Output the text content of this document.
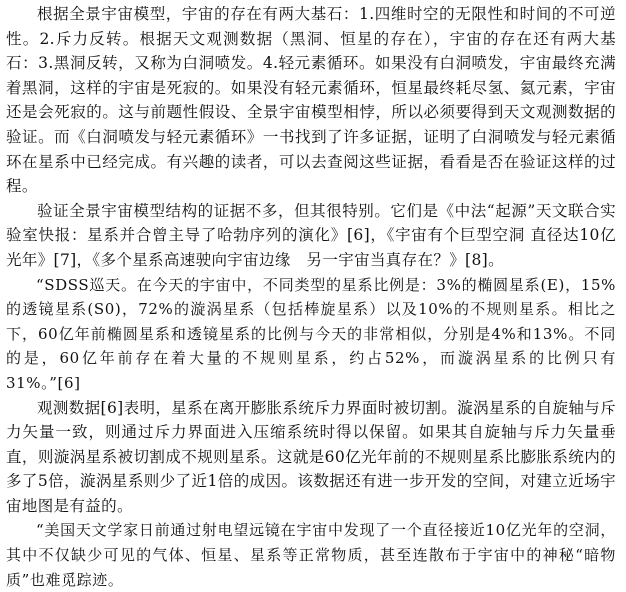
根据全景宇宙模型，宇宙的存在有两大基石：1.四维时空的无限性和时间的不可逆性。2.斥力反转。根据天文观测数据（黑洞、恒星的存在），宇宙的存在还有两大基石：3.黑洞反转，又称为白洞喷发。4.轻元素循环。如果没有白洞喷发，宇宙最终充满着黑洞，这样的宇宙是死寂的。如果没有轻元素循环，恒星最终耗尽氢、氦元素，宇宙还是会死寂的。这与前题性假设、全景宇宙模型相悖，所以必须要得到天文观测数据的验证。而《白洞喷发与轻元素循环》一书找到了许多证据，证明了白洞喷发与轻元素循环在星系中已经完成。有兴趣的读者，可以去查阅这些证据，看看是否在验证这样的过程。

验证全景宇宙模型结构的证据不多，但其很特别。它们是《中法“起源”天文联合实验室快报：星系并合曾主导了哈勃序列的演化》[6]，《宇宙有个巨型空洞 直径达10亿光年》[7]，《多个星系高速驶向宇宙边缘　另一宇宙当真存在？》[8]。

“SDSS巡天。在今天的宇宙中，不同类型的星系比例是：3%的椭圆星系(E)，15%的透镜星系(S0)，72%的漩涡星系（包括棒旋星系）以及10%的不规则星系。相比之下，60亿年前椭圆星系和透镜星系的比例与今天的非常相似，分别是4%和13%。不同的是，60亿年前存在着大量的不规则星系，约占52%，而漩涡星系的比例只有31%。”[6]

观测数据[6]表明，星系在离开膨胀系统斥力界面时被切割。漩涡星系的自旋轴与斥力矢量一致，则通过斥力界面进入压缩系统时得以保留。如果其自旋轴与斥力矢量垂直，则漩涡星系被切割成不规则星系。这就是60亿光年前的不规则星系比膨胀系统内的多了5倍，漩涡星系则少了近1倍的成因。该数据还有进一步开发的空间，对建立近场宇宙地图是有益的。

“美国天文学家日前通过射电望远镜在宇宙中发现了一个直径接近10亿光年的空洞，其中不仅缺少可见的气体、恒星、星系等正常物质，甚至连散布于宇宙中的神秘“暗物质”也难觅踪迹。
